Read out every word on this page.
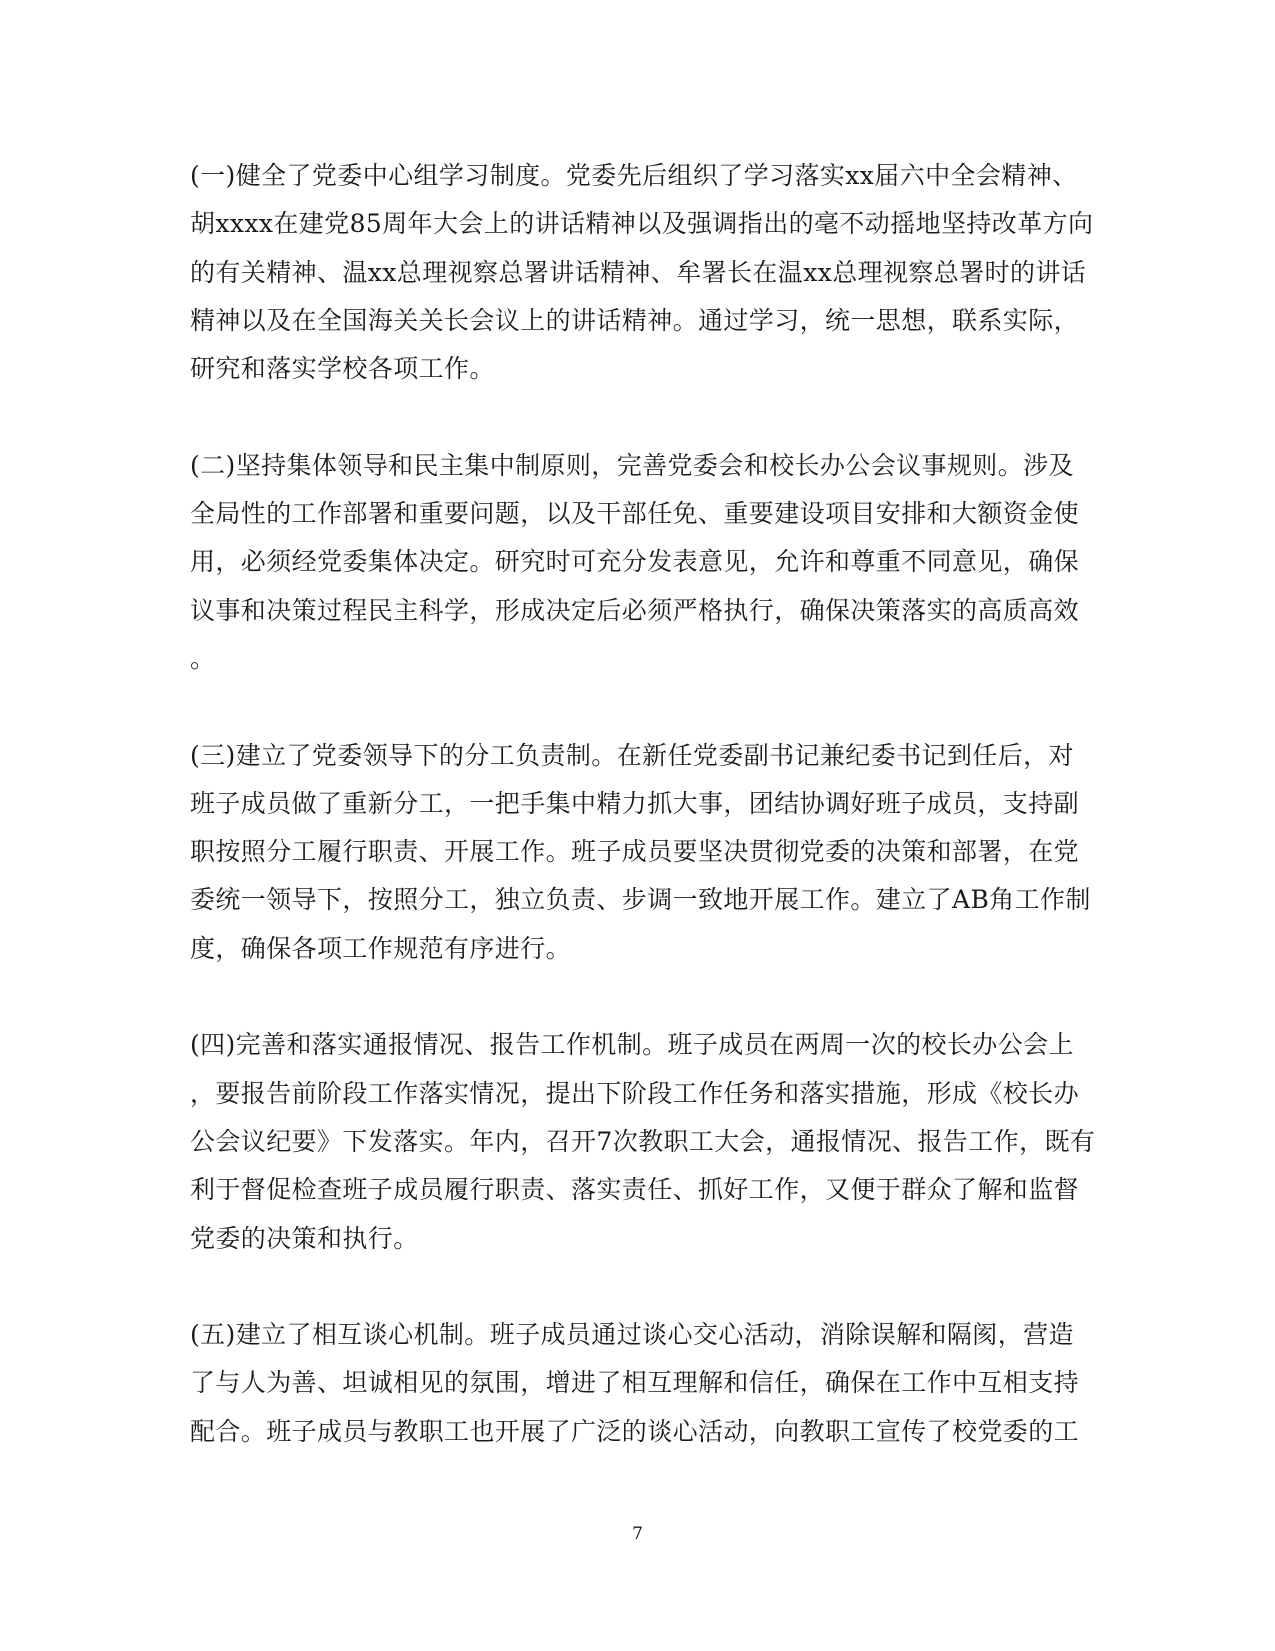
(一)健全了党委中心组学习制度。党委先后组织了学习落实xx届六中全会精神、
胡xxxx在建党85周年大会上的讲话精神以及强调指出的毫不动摇地坚持改革方向
的有关精神、温xx总理视察总署讲话精神、牟署长在温xx总理视察总署时的讲话
精神以及在全国海关关长会议上的讲话精神。通过学习，统一思想，联系实际，
研究和落实学校各项工作。
(二)坚持集体领导和民主集中制原则，完善党委会和校长办公会议事规则。涉及
全局性的工作部署和重要问题，以及干部任免、重要建设项目安排和大额资金使
用，必须经党委集体决定。研究时可充分发表意见，允许和尊重不同意见，确保
议事和决策过程民主科学，形成决定后必须严格执行，确保决策落实的高质高效
。
(三)建立了党委领导下的分工负责制。在新任党委副书记兼纪委书记到任后，对
班子成员做了重新分工，一把手集中精力抓大事，团结协调好班子成员，支持副
职按照分工履行职责、开展工作。班子成员要坚决贯彻党委的决策和部署，在党
委统一领导下，按照分工，独立负责、步调一致地开展工作。建立了AB角工作制
度，确保各项工作规范有序进行。
(四)完善和落实通报情况、报告工作机制。班子成员在两周一次的校长办公会上
，要报告前阶段工作落实情况，提出下阶段工作任务和落实措施，形成《校长办
公会议纪要》下发落实。年内，召开7次教职工大会，通报情况、报告工作，既有
利于督促检查班子成员履行职责、落实责任、抓好工作，又便于群众了解和监督
党委的决策和执行。
(五)建立了相互谈心机制。班子成员通过谈心交心活动，消除误解和隔阂，营造
了与人为善、坦诚相见的氛围，增进了相互理解和信任，确保在工作中互相支持
配合。班子成员与教职工也开展了广泛的谈心活动，向教职工宣传了校党委的工
7
